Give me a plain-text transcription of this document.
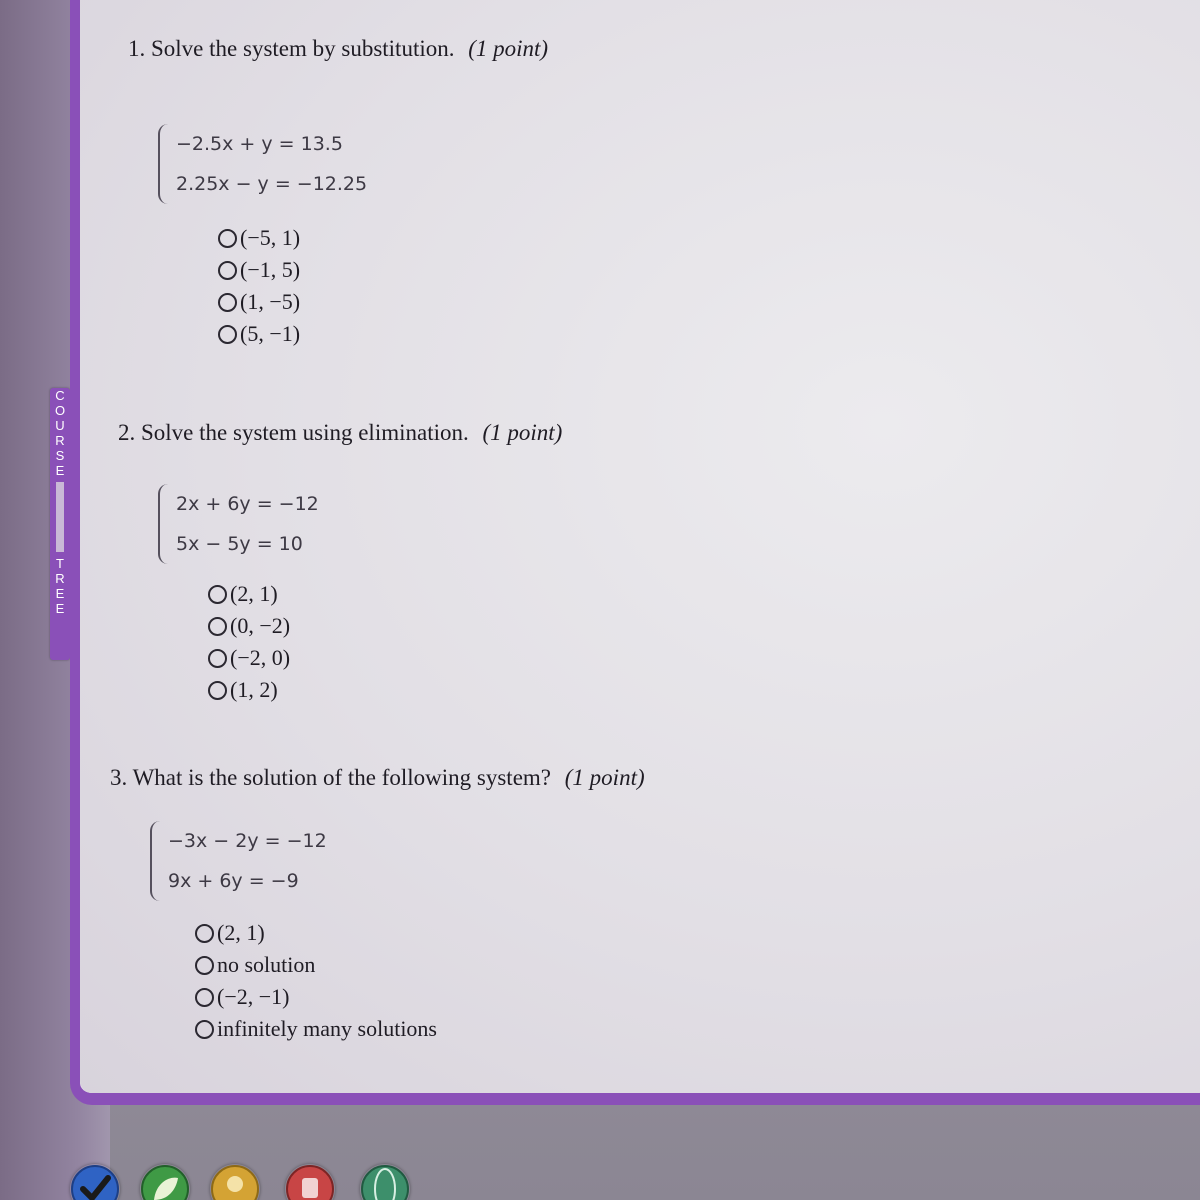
C
O
U
R
S
E
T
R
E
E
1. Solve the system by substitution. (1 point)
−2.5x + y = 13.5
2.25x − y = −12.25
(−5, 1)
(−1, 5)
(1, −5)
(5, −1)
2. Solve the system using elimination. (1 point)
2x + 6y = −12
5x − 5y = 10
(2, 1)
(0, −2)
(−2, 0)
(1, 2)
3. What is the solution of the following system? (1 point)
−3x − 2y = −12
9x + 6y = −9
(2, 1)
no solution
(−2, −1)
infinitely many solutions
